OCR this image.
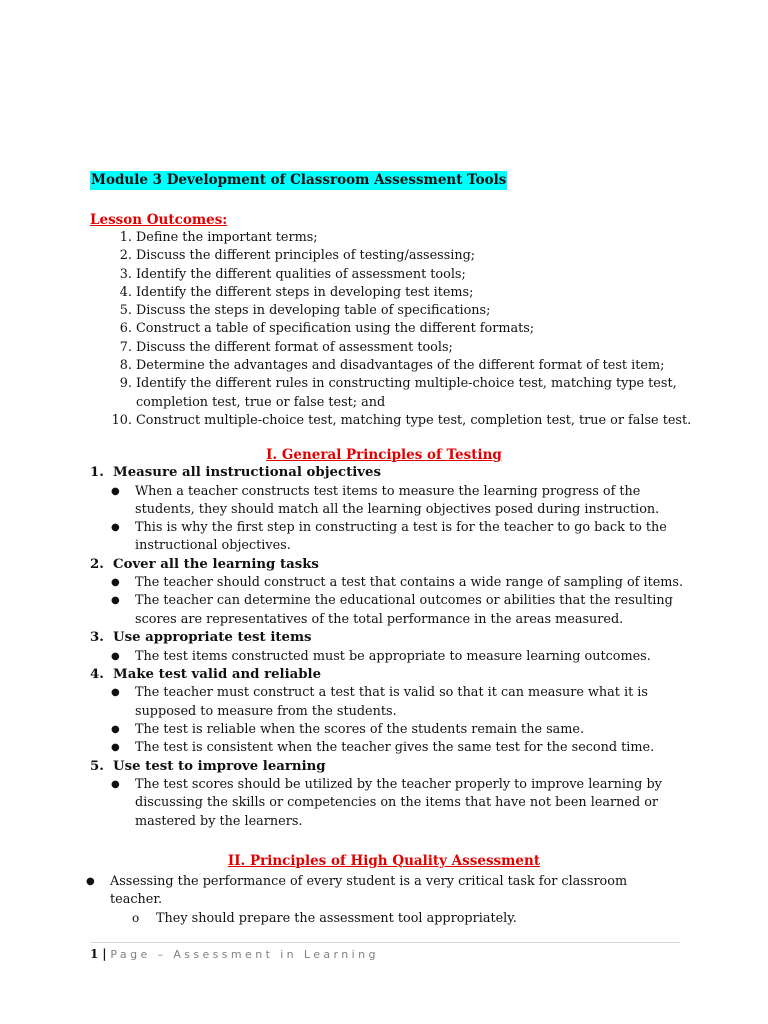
Module 3 Development of Classroom Assessment Tools
Lesson Outcomes:
1. Define the important terms;
2. Discuss the different principles of testing/assessing;
3. Identify the different qualities of assessment tools;
4. Identify the different steps in developing test items;
5. Discuss the steps in developing table of specifications;
6. Construct a table of specification using the different formats;
7. Discuss the different format of assessment tools;
8. Determine the advantages and disadvantages of the different format of test item;
9. Identify the different rules in constructing multiple-choice test, matching type test,
completion test, true or false test; and
10. Construct multiple-choice test, matching type test, completion test, true or false test.
I. General Principles of Testing
1. Measure all instructional objectives
● When a teacher constructs test items to measure the learning progress of the
students, they should match all the learning objectives posed during instruction.
● This is why the first step in constructing a test is for the teacher to go back to the
instructional objectives.
2. Cover all the learning tasks
● The teacher should construct a test that contains a wide range of sampling of items.
● The teacher can determine the educational outcomes or abilities that the resulting
scores are representatives of the total performance in the areas measured.
3. Use appropriate test items
● The test items constructed must be appropriate to measure learning outcomes.
4. Make test valid and reliable
● The teacher must construct a test that is valid so that it can measure what it is
supposed to measure from the students.
● The test is reliable when the scores of the students remain the same.
● The test is consistent when the teacher gives the same test for the second time.
5. Use test to improve learning
● The test scores should be utilized by the teacher properly to improve learning by
discussing the skills or competencies on the items that have not been learned or
mastered by the learners.
II. Principles of High Quality Assessment
● Assessing the performance of every student is a very critical task for classroom
teacher.
o They should prepare the assessment tool appropriately.
1 | Page – Assessment in Learning
